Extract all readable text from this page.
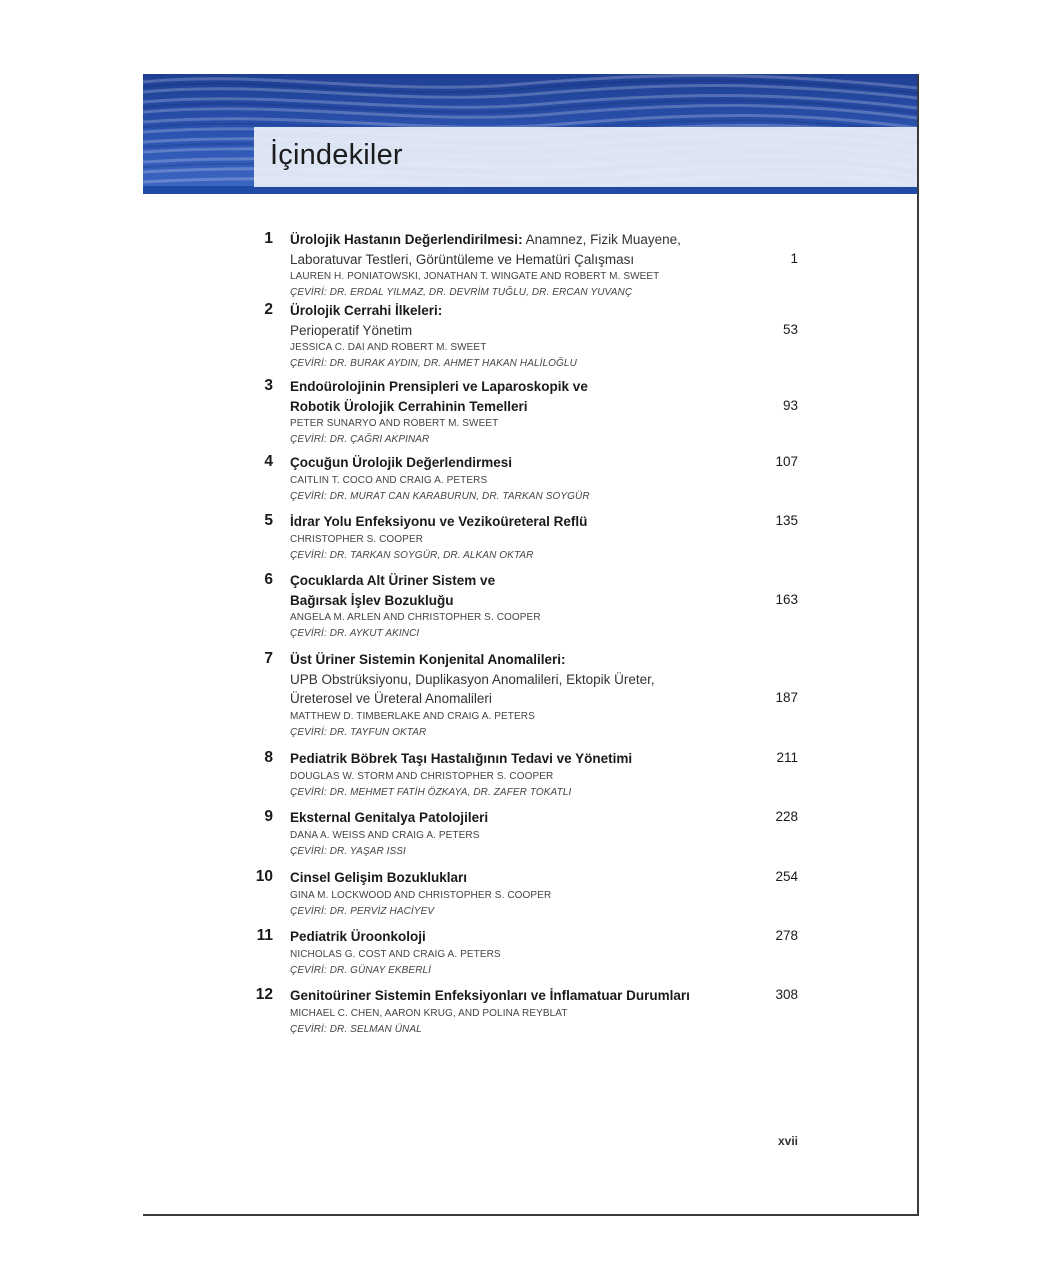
İçindekiler
1 Ürolojik Hastanın Değerlendirilmesi: Anamnez, Fizik Muayene,
Laboratuvar Testleri, Görüntüleme ve Hematüri Çalışması
LAUREN H. PONIATOWSKI, JONATHAN T. WINGATE AND ROBERT M. SWEET
ÇEVİRİ: DR. ERDAL YILMAZ, DR. DEVRİM TUĞLU, DR. ERCAN YUVANÇ
1
2 Ürolojik Cerrahi İlkeleri:
Perioperatif Yönetim
JESSICA C. DAI AND ROBERT M. SWEET
ÇEVİRİ: DR. BURAK AYDIN, DR. AHMET HAKAN HALİLOĞLU
53
3 Endoürolojinin Prensipleri ve Laparoskopik ve
Robotik Ürolojik Cerrahinin Temelleri
PETER SUNARYO AND ROBERT M. SWEET
ÇEVİRİ: DR. ÇAĞRI AKPINAR
93
4 Çocuğun Ürolojik Değerlendirmesi
CAITLIN T. COCO AND CRAIG A. PETERS
ÇEVİRİ: DR. MURAT CAN KARABURUN, DR. TARKAN SOYGÜR
107
5 İdrar Yolu Enfeksiyonu ve Vezikoüreteral Reflü
CHRISTOPHER S. COOPER
ÇEVİRİ: DR. TARKAN SOYGÜR, DR. ALKAN OKTAR
135
6 Çocuklarda Alt Üriner Sistem ve
Bağırsak İşlev Bozukluğu
ANGELA M. ARLEN AND CHRISTOPHER S. COOPER
ÇEVİRİ: DR. AYKUT AKINCI
163
7 Üst Üriner Sistemin Konjenital Anomalileri:
UPB Obstrüksiyonu, Duplikasyon Anomalileri, Ektopik Üreter,
Üreterosel ve Üreteral Anomalileri
MATTHEW D. TIMBERLAKE AND CRAIG A. PETERS
ÇEVİRİ: DR. TAYFUN OKTAR
187
8 Pediatrik Böbrek Taşı Hastalığının Tedavi ve Yönetimi
DOUGLAS W. STORM AND CHRISTOPHER S. COOPER
ÇEVİRİ: DR. MEHMET FATİH ÖZKAYA, DR. ZAFER TOKATLI
211
9 Eksternal Genitalya Patolojileri
DANA A. WEISS AND CRAIG A. PETERS
ÇEVİRİ: DR. YAŞAR ISSI
228
10 Cinsel Gelişim Bozuklukları
GINA M. LOCKWOOD AND CHRISTOPHER S. COOPER
ÇEVİRİ: DR. PERVİZ HACİYEV
254
11 Pediatrik Üroonkoloji
NICHOLAS G. COST AND CRAIG A. PETERS
ÇEVİRİ: DR. GÜNAY EKBERLİ
278
12 Genitoüriner Sistemin Enfeksiyonları ve İnflamatuar Durumları
MICHAEL C. CHEN, AARON KRUG, AND POLINA REYBLAT
ÇEVİRİ: DR. SELMAN ÜNAL
308
xvii
